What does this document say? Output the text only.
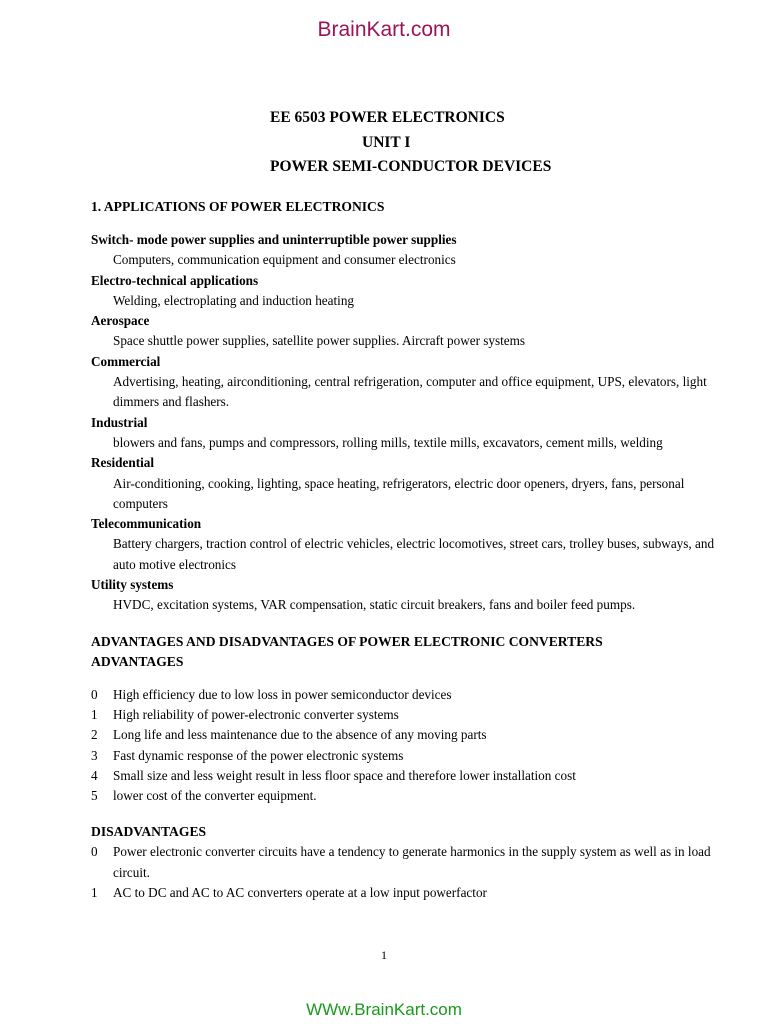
BrainKart.com
EE 6503 POWER ELECTRONICS
UNIT I
POWER SEMI-CONDUCTOR DEVICES
1. APPLICATIONS OF POWER ELECTRONICS
Switch- mode power supplies and uninterruptible power supplies
Computers, communication equipment and consumer electronics
Electro-technical applications
Welding, electroplating and induction heating
Aerospace
Space shuttle power supplies, satellite power supplies. Aircraft power systems
Commercial
Advertising, heating, airconditioning, central refrigeration, computer and office equipment, UPS, elevators, light dimmers and flashers.
Industrial
blowers and fans, pumps and compressors, rolling mills, textile mills, excavators, cement mills, welding
Residential
Air-conditioning, cooking, lighting, space heating, refrigerators, electric door openers, dryers, fans, personal computers
Telecommunication
Battery chargers, traction control of electric vehicles, electric locomotives, street cars, trolley buses, subways, and auto motive electronics
Utility systems
HVDC, excitation systems, VAR compensation, static circuit breakers, fans and boiler feed pumps.
ADVANTAGES AND DISADVANTAGES OF POWER ELECTRONIC CONVERTERS
ADVANTAGES
0	High efficiency due to low loss in power semiconductor devices
1	High reliability of power-electronic converter systems
2	Long life and less maintenance due to the absence of any moving parts
3	Fast dynamic response of the power electronic systems
4	Small size and less weight result in less floor space and therefore lower installation cost
5	lower cost of the converter equipment.
DISADVANTAGES
0	Power electronic converter circuits have a tendency to generate harmonics in the supply system as well as in load circuit.
1	AC to DC and AC to AC converters operate at a low input powerfactor
1
WWw.BrainKart.com
